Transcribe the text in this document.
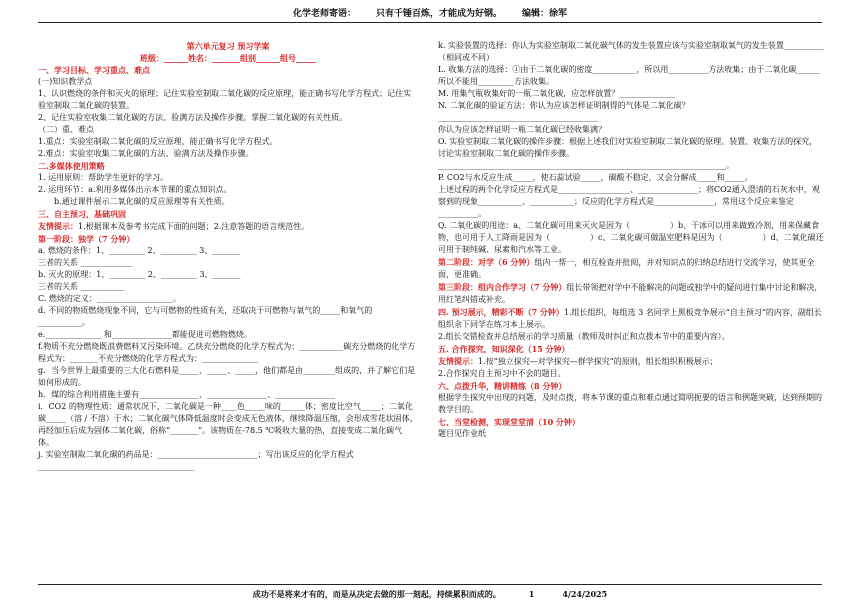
化学老师寄语： 只有千锤百炼，才能成为好钢。 编辑：徐军

第六单元复习 预习学案

班级：______姓名：_______组别______组号_____

一、学习目标、学习重点、难点

(一)知识教学点

1、认识燃烧的条件和灭火的原理；记住实验室制取二氧化碳的反应原理，能正确书写化学方程式；记住实验室制取二氧化碳的装置。

2、记住实验室收集二氧化碳的方法、验满方法及操作步骤。掌握二氧化碳的有关性质。

（二）重、难点

1.重点：实验室制取二氧化碳的反应原理，能正确书写化学方程式。

2.难点：实验室收集二氧化碳的方法、验满方法及操作步骤。

二.多媒体使用策略

1. 运用原则：帮助学生更好的学习。

2. 运用环节：a.利用多媒体出示本节课的重点知识点。

b.通过课件展示二氧化碳的反应原理等有关性质。

三、自主预习，基础巩固

友情提示：1.根据课本及参考书完成下面的问题；2.注意答题的语言规范性。

第一阶段：独学（7 分钟）

a. 燃烧的条件：1、_________ 2、_________ 3、_______

三者的关系 _____________

b. 灭火的原理：1、_________ 2、_________ 3、_______

三者的关系 ___________

C. 燃烧的定义：___________________。

d. 不同的物质燃烧现象不同，它与可燃物的性质有关，还取决于可燃物与氧气的_____和氧气的___________。

e.______________ 和_______________都能促进可燃物燃烧。

f.物质不充分燃烧既浪费燃料又污染环境。乙炔充分燃烧的化学方程式为：___________碳充分燃烧的化学方程式为：_______不充分燃烧的化学方程式为：______________

g．当今世界上最重要的三大化石燃料是_____、_____、_____，他们都是由________组成的，并了解它们是如何形成的。

h．煤的综合利用措施主要有_______________、_______________、_______________

i．CO2 的物理性质：通常状况下，二氧化碳是一种____色_____味的______体；密度比空气_____；二氧化碳_____（溶 / 不溶）于水；二氧化碳气体降低温度时会变成无色液体，继续降温压缩，会形成雪花状固体，再经加压后成为固体二氧化碳，俗称“_______”。该物质在-78.5 ℃吸收大量的热，直接变成二氧化碳气体。

j. 实验室制取二氧化碳的药品是：_________________________；写出该反应的化学方程式_______________________________________

k. 实验装置的选择：你认为实验室制取二氧化碳气体的发生装置应该与实验室制取氧气的发生装置__________（相同或不同）

L. 收集方法的选择：①由于二氧化碳的密度___________，所以用__________方法收集；由于二氧化碳______所以不能用_________方法收集。

M. 用集气瓶收集好的一瓶二氧化碳，应怎样放置？______________

N. 二氧化碳的验证方法：你认为应该怎样证明制得的气体是二氧化碳？________________________________________

你认为应该怎样证明一瓶二氧化碳已经收集满？

O. 实验室制取二氧化碳的操作步骤：根据上述我们对实验室制取二氧化碳的原理、装置、收集方法的探究，讨论实验室制取二氧化碳的操作步骤。

________________________________________________________________________。

P. CO2与水反应生成_____，使石蕊试验_____，碳酸不稳定，又会分解成_____和_____。

上述过程的两个化学反应方程式是__________________、_______________；将CO2通入澄清的石灰水中，观察到的现象___________、___________；反应的化学方程式是_______________，常用这个反应来鉴定__________。

Q. 二氧化碳的用途：a、二氧化碳可用来灭火是因为（　　　　　）b、干冰可以用来做致冷剂，用来保藏食物，也可用于人工降雨是因为（　　　　　）c、二氧化碳可做温室肥料是因为（　　　　　）d、二氧化碳还可用于制纯碱、尿素和汽水等工业。

第二阶段：对学（6 分钟）组内一帮一，相互检查并批阅，并对知识点的归纳总结进行交流学习，使其更全面，更准确。

第三阶段：组内合作学习（7 分钟）组长带领把对学中不能解决的问题或独学中的疑问进行集中讨论和解决，用红笔纠错或补充。

四. 预习展示，精彩不断（7 分钟）1.组长组织，每组选 3 名同学上黑板竞争展示“自主预习”的内容，副组长组织余下同学在练习本上展示。

2.组长交错检查并总结展示的学习质量（教师及时纠正和点拨本节中的重要内容）。

五. 合作探究，知识深化（15 分钟）

友情提示：1.按“独立探究—对学探究—群学探究”的原则，组长组织积极展示；

2.合作探究自主预习中不会的题目。

六、点拨升华，精讲精练（8 分钟）

根据学生探究中出现的问题，及时点拨，将本节课的重点和难点通过简明扼要的语言和例题突破，达到预期的教学目的。

七、当堂检测，实现堂堂清（10 分钟）

题目见作业纸

成功不是将来才有的，而是从决定去做的那一刻起，持续累积而成的。	1	4/24/2025
